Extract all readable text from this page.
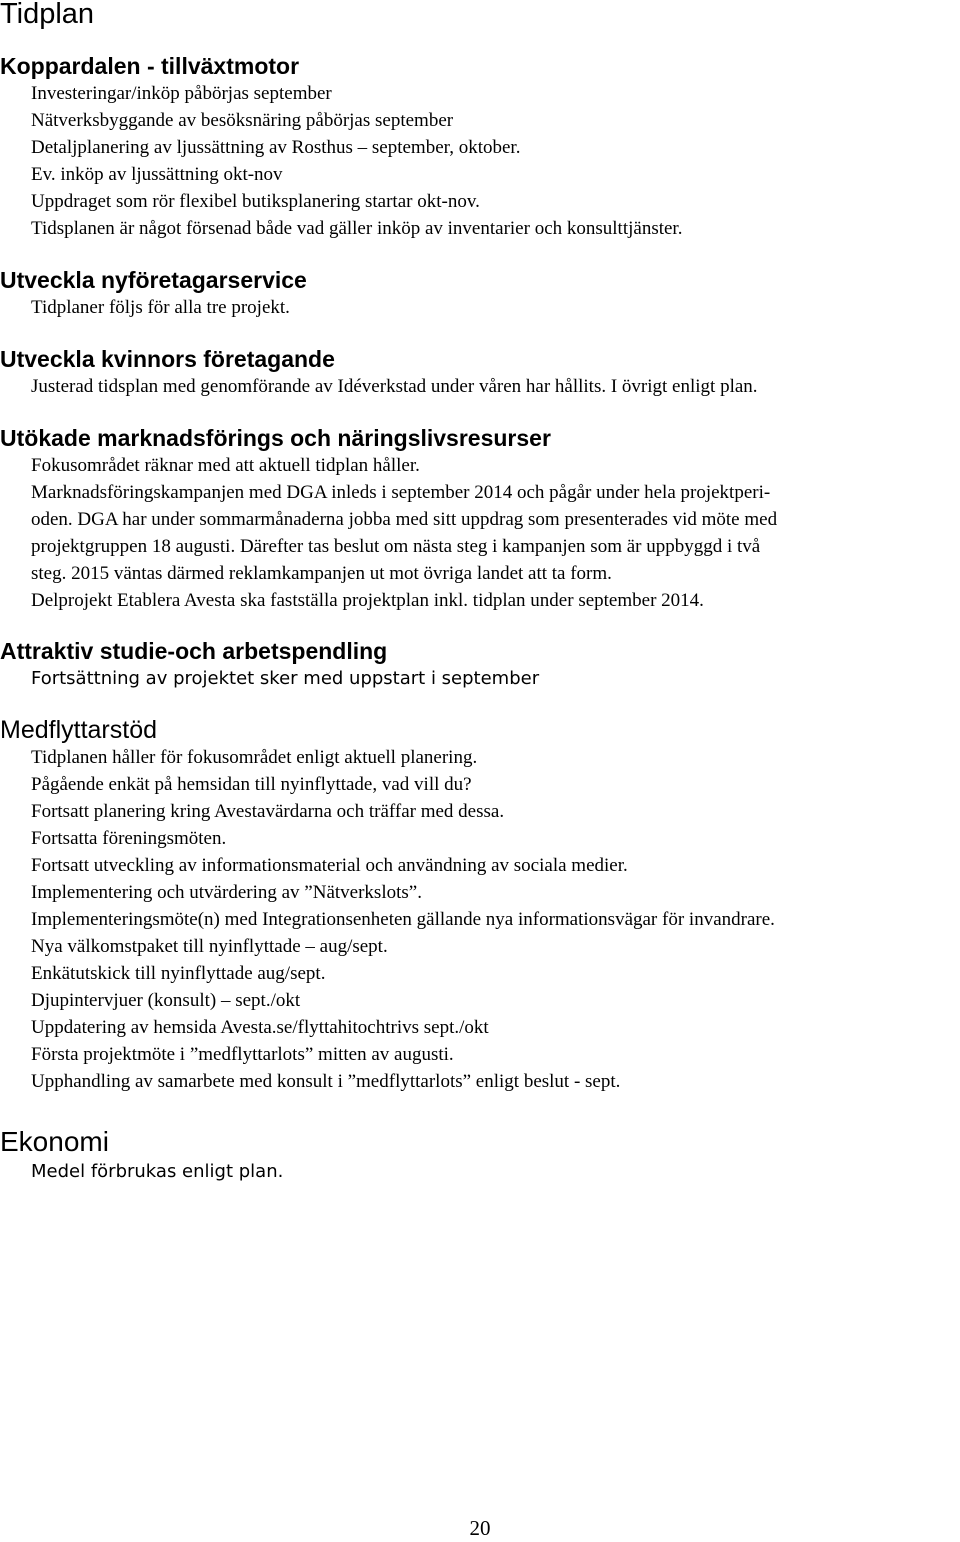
Tidplan
Koppardalen - tillväxtmotor
Investeringar/inköp påbörjas september
Nätverksbyggande av besöksnäring påbörjas september
Detaljplanering av ljussättning av Rosthus – september, oktober.
Ev. inköp av ljussättning okt-nov
Uppdraget som rör flexibel butiksplanering startar okt-nov.
Tidsplanen är något försenad både vad gäller inköp av inventarier och konsulttjänster.
Utveckla nyföretagarservice
Tidplaner följs för alla tre projekt.
Utveckla kvinnors företagande
Justerad tidsplan med genomförande av Idéverkstad under våren har hållits. I övrigt enligt plan.
Utökade marknadsförings och näringslivsresurser
Fokusområdet räknar med att aktuell tidplan håller.
Marknadsföringskampanjen med DGA inleds i september 2014 och pågår under hela projektperi-
oden. DGA har under sommarmånaderna jobba med sitt uppdrag som presenterades vid möte med
projektgruppen 18 augusti. Därefter tas beslut om nästa steg i kampanjen som är uppbyggd i två
steg. 2015 väntas därmed reklamkampanjen ut mot övriga landet att ta form.
Delprojekt Etablera Avesta ska fastställa projektplan inkl. tidplan under september 2014.
Attraktiv studie-och arbetspendling
Fortsättning av projektet sker med uppstart i september
Medflyttarstöd
Tidplanen håller för fokusområdet enligt aktuell planering.
Pågående enkät på hemsidan till nyinflyttade, vad vill du?
Fortsatt planering kring Avestavärdarna och träffar med dessa.
Fortsatta föreningsmöten.
Fortsatt utveckling av informationsmaterial och användning av sociala medier.
Implementering och utvärdering av ”Nätverkslots”.
Implementeringsmöte(n) med Integrationsenheten gällande nya informationsvägar för invandrare.
Nya välkomstpaket till nyinflyttade – aug/sept.
Enkätutskick till nyinflyttade aug/sept.
Djupintervjuer (konsult) – sept./okt
Uppdatering av hemsida Avesta.se/flyttahitochtrivs sept./okt
Första projektmöte i ”medflyttarlots” mitten av augusti.
Upphandling av samarbete med konsult i ”medflyttarlots” enligt beslut - sept.
Ekonomi
Medel förbrukas enligt plan.
20
